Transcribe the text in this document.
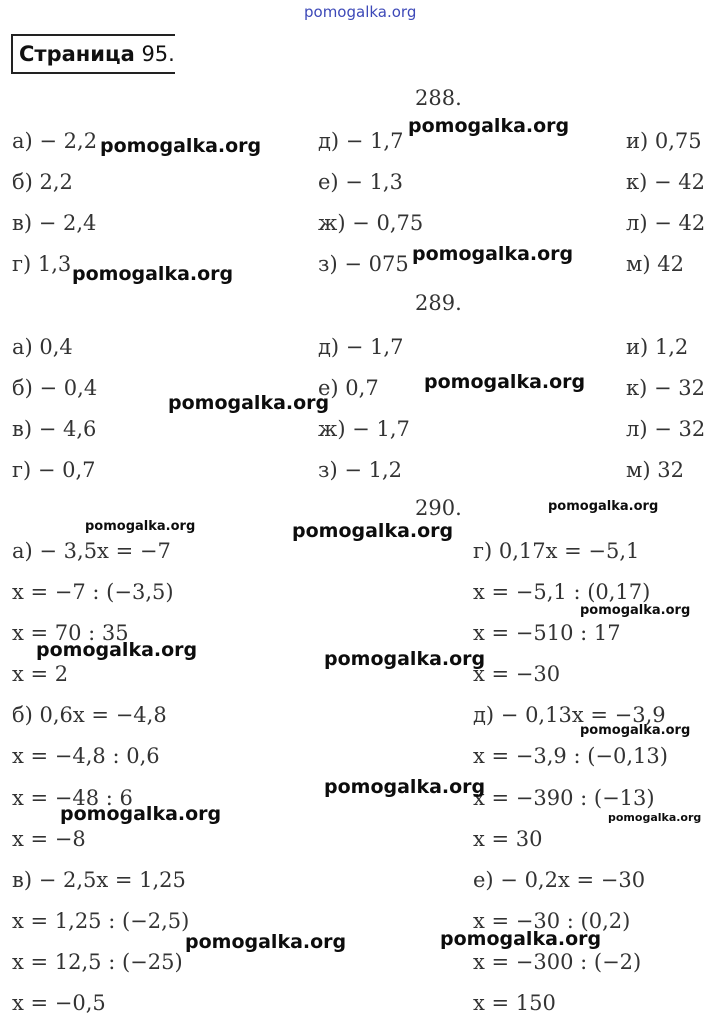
pomogalka.org
Страница 95.
288.
а) − 2,2
б) 2,2
в) − 2,4
г) 1,3
д) − 1,7
е) − 1,3
ж) − 0,75
з) − 075
и) 0,75
к) − 42
л) − 42
м) 42
289.
а) 0,4
б) − 0,4
в) − 4,6
г) − 0,7
д) − 1,7
е) 0,7
ж) − 1,7
з) − 1,2
и) 1,2
к) − 32
л) − 32
м) 32
290.
а) − 3,5x = −7
x = −7 : (−3,5)
x = 70 : 35
x = 2
б) 0,6x = −4,8
x = −4,8 : 0,6
x = −48 : 6
x = −8
в) − 2,5x = 1,25
x = 1,25 : (−2,5)
x = 12,5 : (−25)
x = −0,5
г) 0,17x = −5,1
x = −5,1 : (0,17)
x = −510 : 17
x = −30
д) − 0,13x = −3,9
x = −3,9 : (−0,13)
x = −390 : (−13)
x = 30
е) − 0,2x = −30
x = −30 : (0,2)
x = −300 : (−2)
x = 150
pomogalka.org
pomogalka.org
pomogalka.org
pomogalka.org
pomogalka.org
pomogalka.org
pomogalka.org
pomogalka.org	pomogalka.org
pomogalka.org
pomogalka.org	pomogalka.org
pomogalka.org
pomogalka.org
pomogalka.org	pomogalka.org
pomogalka.org	pomogalka.org
